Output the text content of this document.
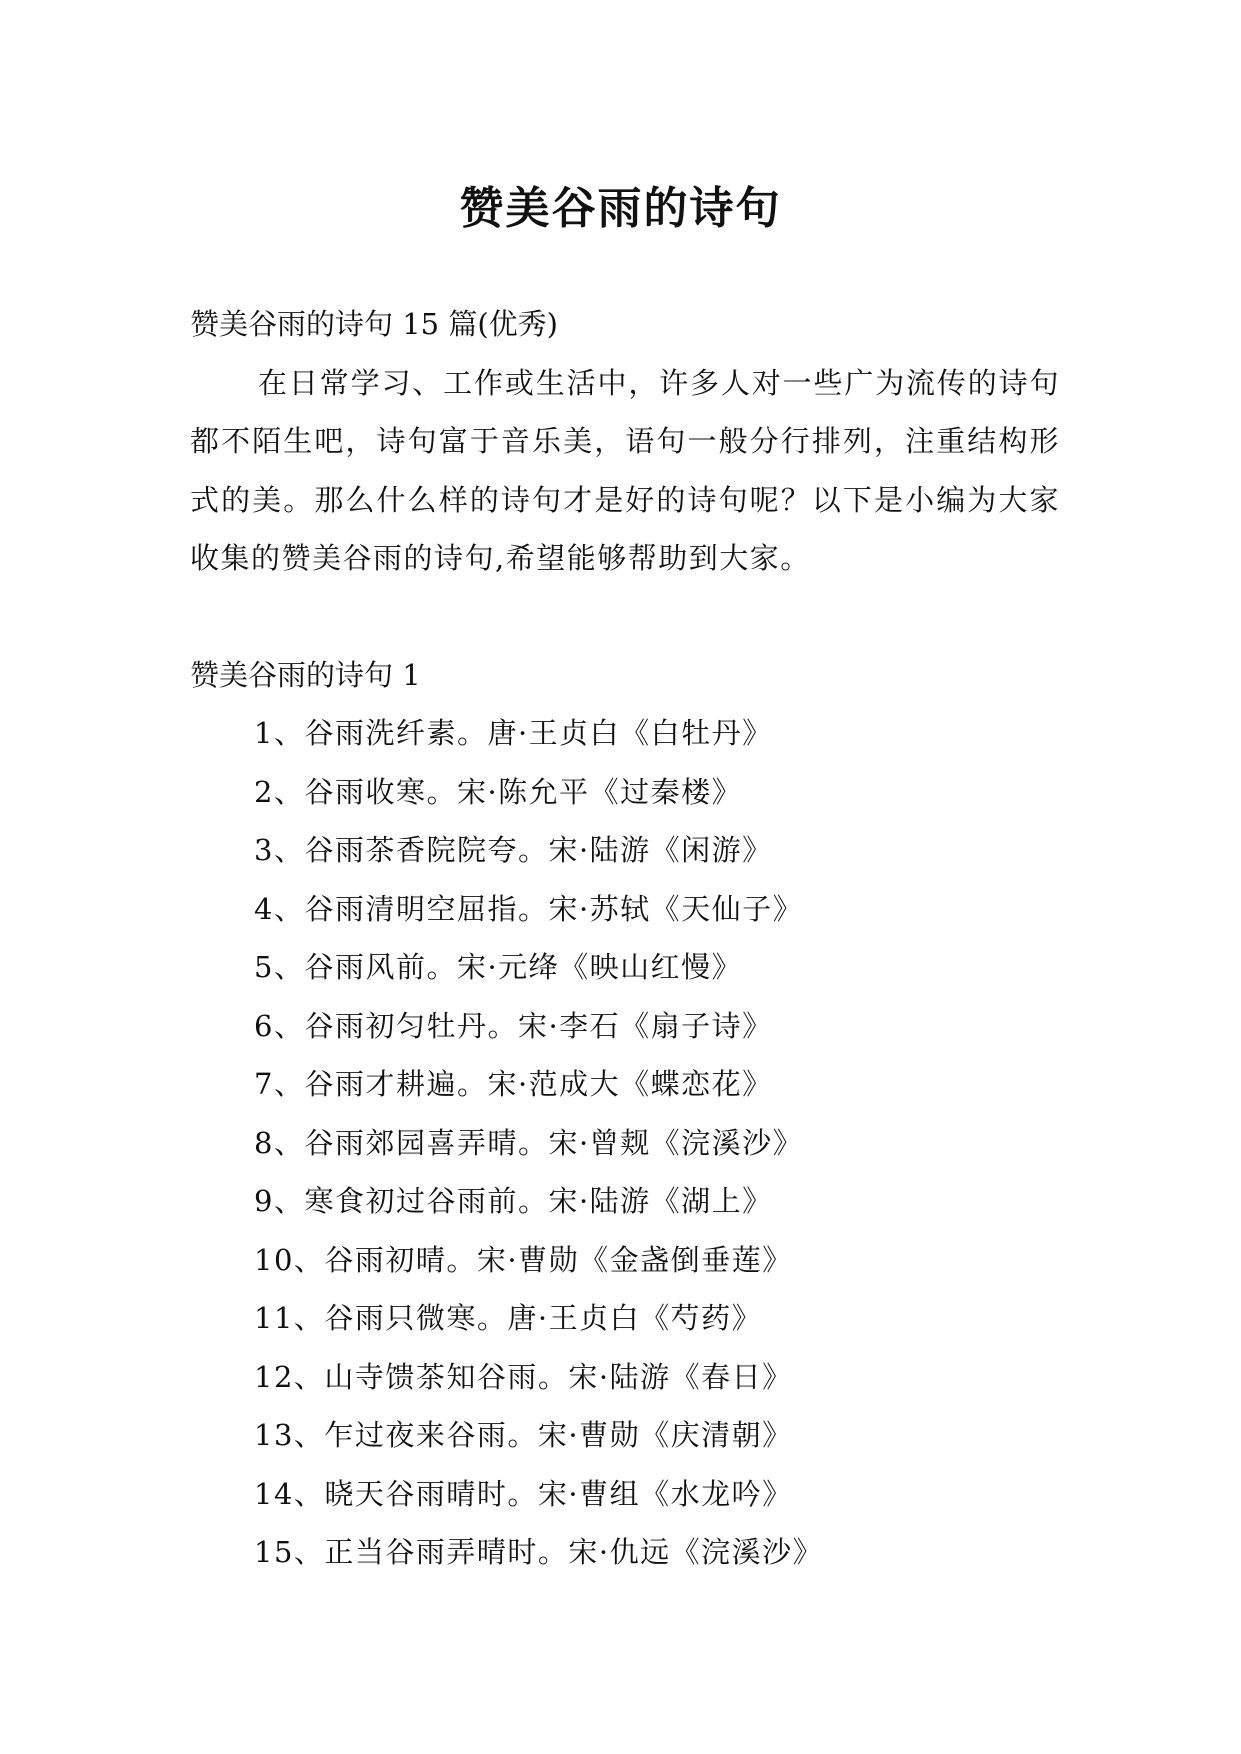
赞美谷雨的诗句

赞美谷雨的诗句 15 篇(优秀)

在日常学习、工作或生活中，许多人对一些广为流传的诗句都不陌生吧，诗句富于音乐美，语句一般分行排列，注重结构形式的美。那么什么样的诗句才是好的诗句呢？以下是小编为大家收集的赞美谷雨的诗句,希望能够帮助到大家。

赞美谷雨的诗句 1

1、谷雨洗纤素。唐·王贞白《白牡丹》
2、谷雨收寒。宋·陈允平《过秦楼》
3、谷雨茶香院院夸。宋·陆游《闲游》
4、谷雨清明空屈指。宋·苏轼《天仙子》
5、谷雨风前。宋·元绛《映山红慢》
6、谷雨初匀牡丹。宋·李石《扇子诗》
7、谷雨才耕遍。宋·范成大《蝶恋花》
8、谷雨郊园喜弄晴。宋·曾觌《浣溪沙》
9、寒食初过谷雨前。宋·陆游《湖上》
10、谷雨初晴。宋·曹勋《金盏倒垂莲》
11、谷雨只微寒。唐·王贞白《芍药》
12、山寺馈茶知谷雨。宋·陆游《春日》
13、乍过夜来谷雨。宋·曹勋《庆清朝》
14、晓天谷雨晴时。宋·曹组《水龙吟》
15、正当谷雨弄晴时。宋·仇远《浣溪沙》
